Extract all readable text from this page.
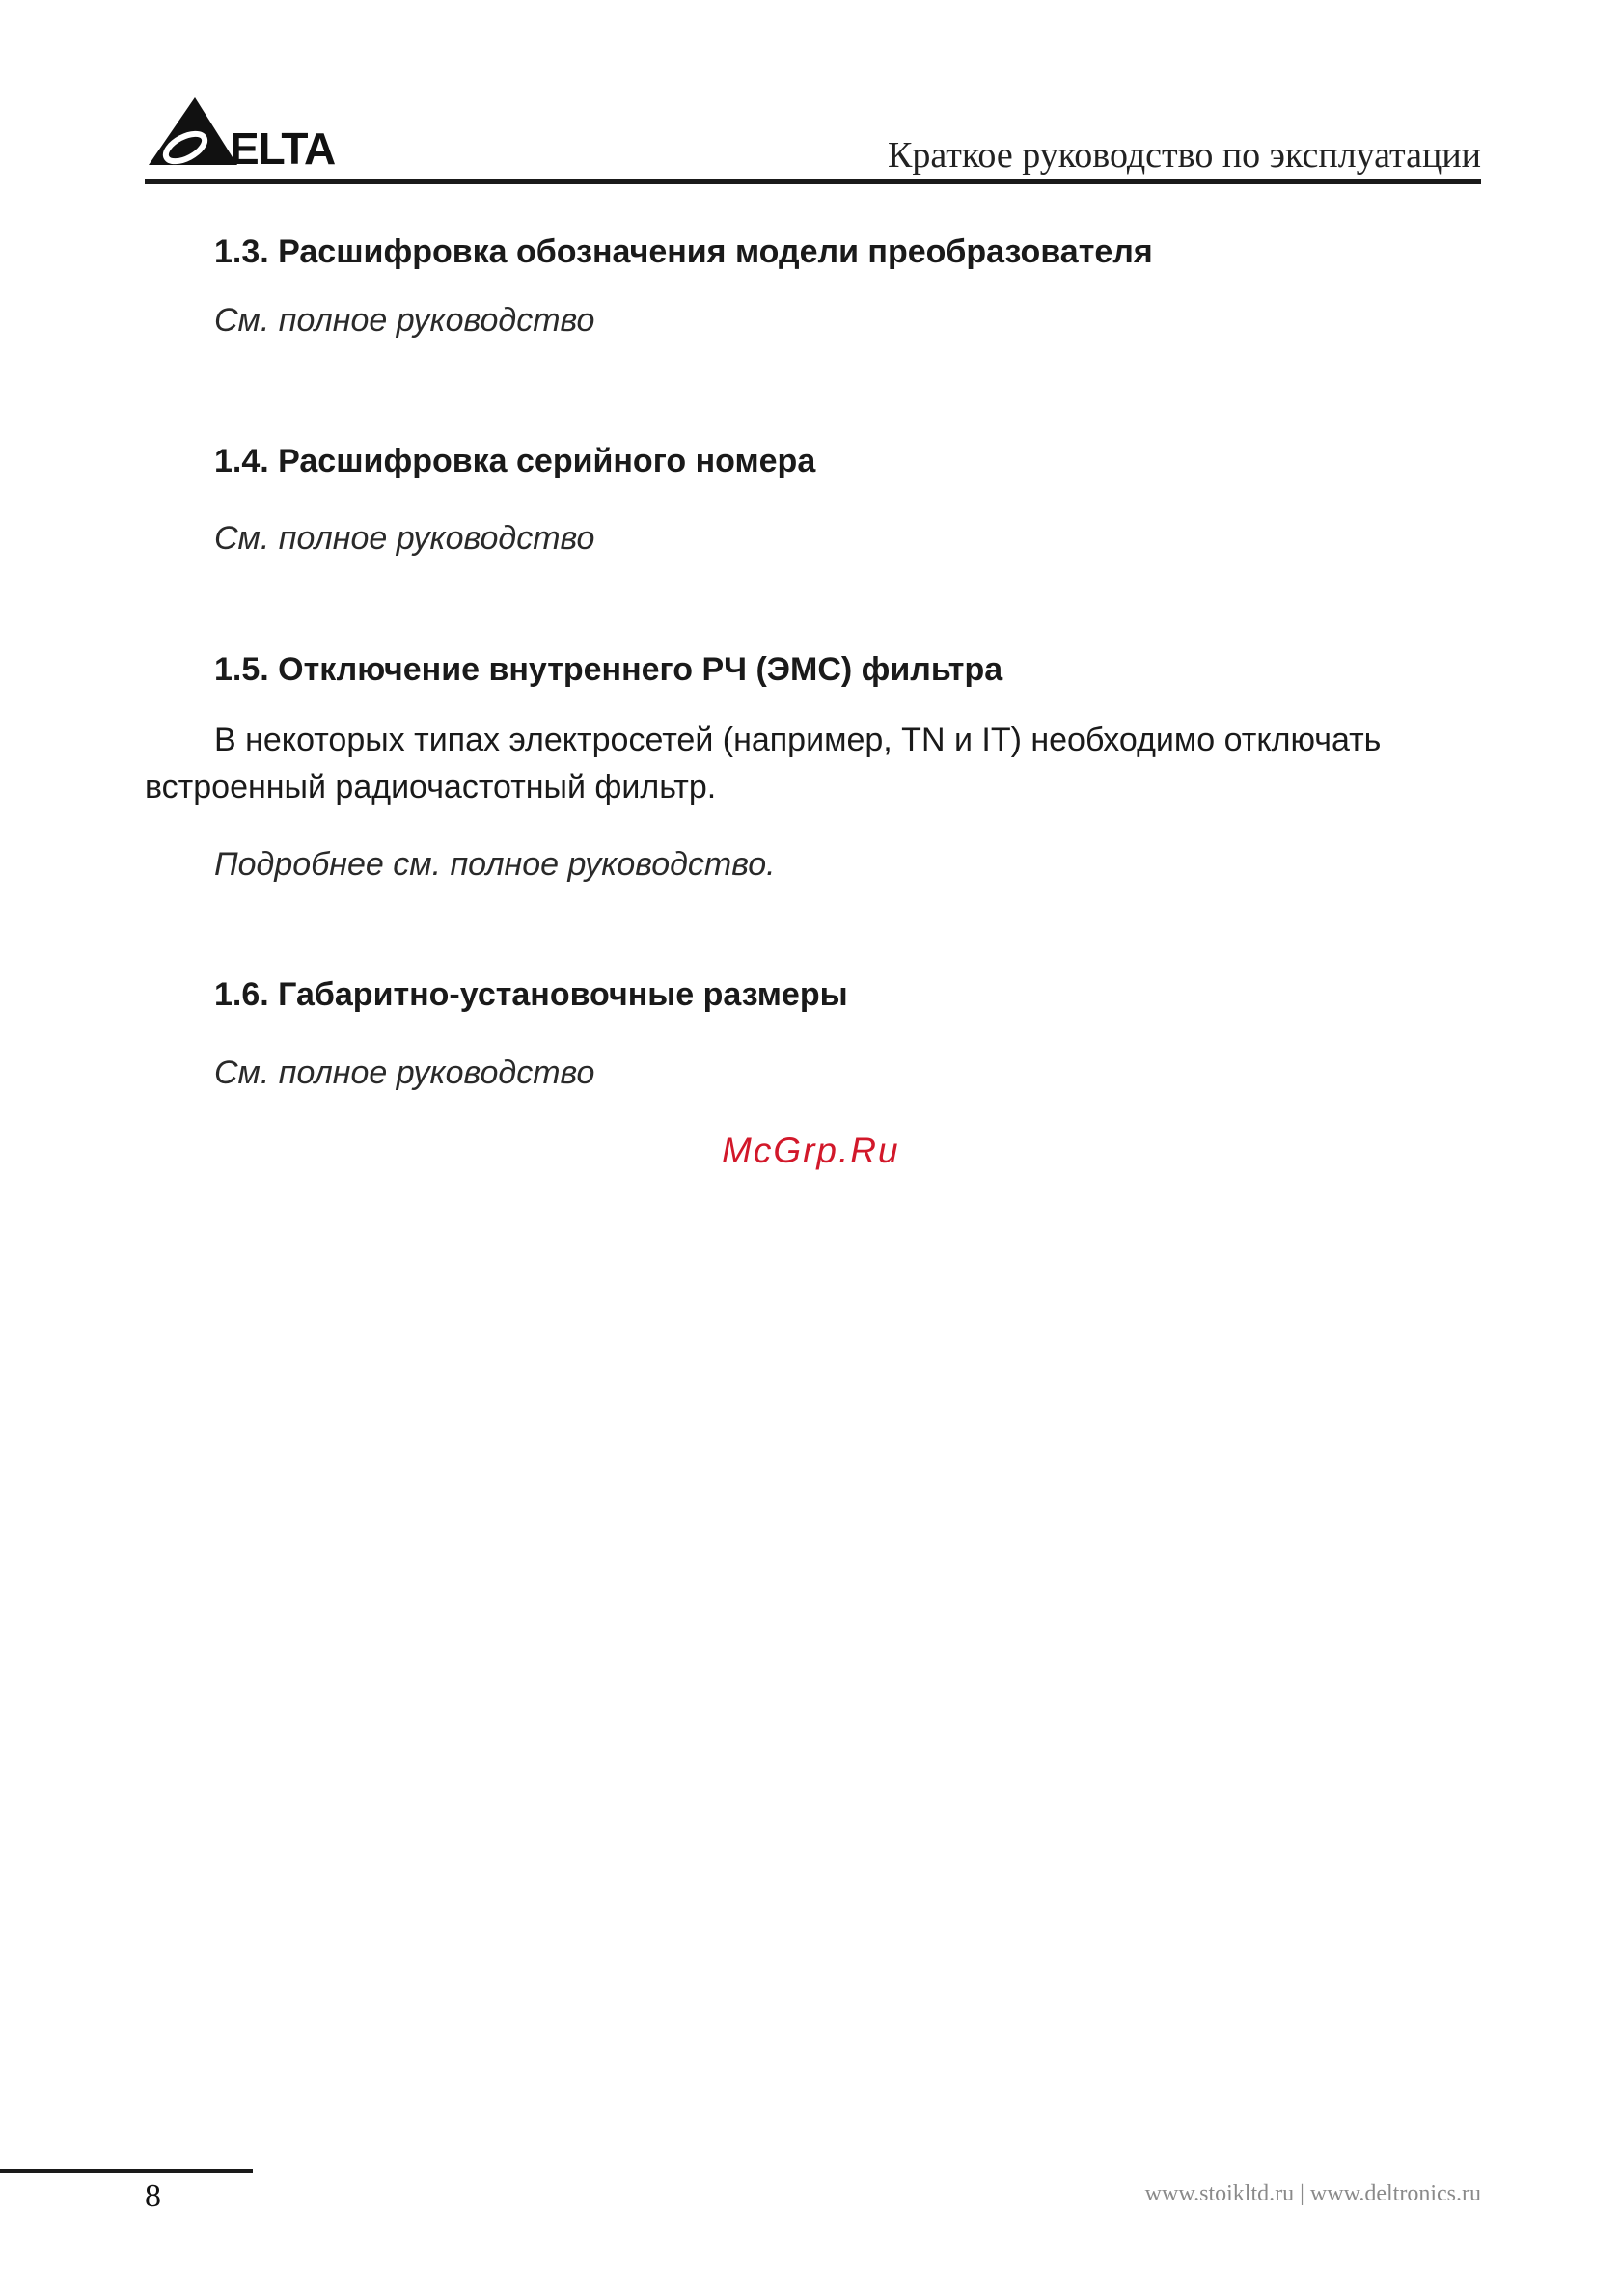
ELTA	Краткое руководство по эксплуатации
1.3. Расшифровка обозначения модели преобразователя

См. полное руководство

1.4. Расшифровка серийного номера

См. полное руководство

1.5. Отключение внутреннего РЧ (ЭМС) фильтра
В некоторых типах электросетей (например, TN и IT) необходимо отключать
встроенный радиочастотный фильтр.

Подробнее см. полное руководство.

1.6. Габаритно-установочные размеры

См. полное руководство

McGrp.Ru
8	www.stoikltd.ru | www.deltronics.ru
